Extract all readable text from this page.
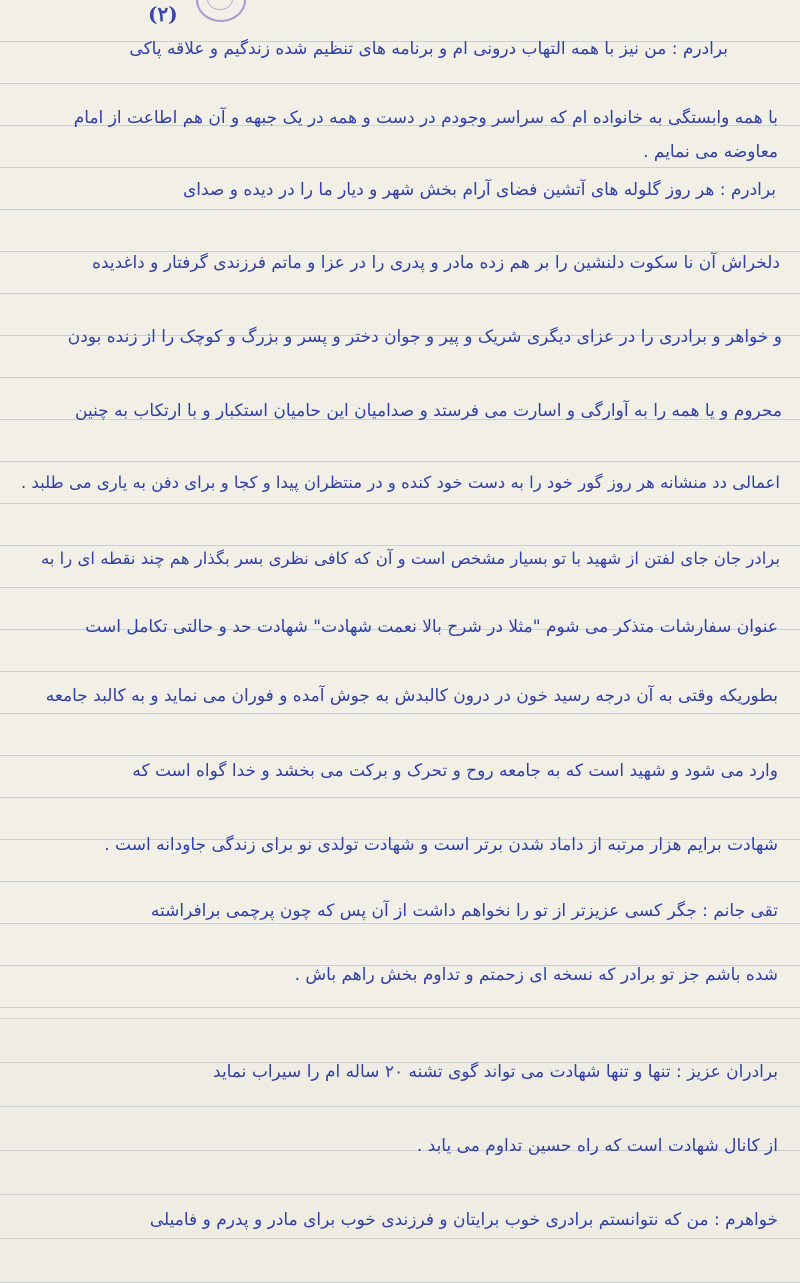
(۲)

برادرم : من نیز با همه التهاب درونی ام و برنامه های تنظیم شده زندگیم و علاقه پاکی

با همه وابستگی به خانواده ام که سراسر وجودم در دست و همه در یک جبهه و آن هم اطاعت از امام

معاوضه می نمایم .

برادرم : هر روز گلوله های آتشین فضای آرام بخش شهر و دیار ما را در دیده و صدای

دلخراش آن نا سکوت دلنشین را بر هم زده مادر و پدری را در عزا و ماتم فرزندی گرفتار و داغدیده

و خواهر و برادری را در عزای دیگری شریک و پیر و جوان دختر و پسر و بزرگ و کوچک را از زنده بودن

محروم و یا همه را به آوارگی و اسارت می فرستد و صدامیان این حامیان استکبار و با ارتکاب به چنین

اعمالی دد منشانه هر روز گور خود را به دست خود کنده و در منتظران پیدا و کجا و برای دفن به یاری می طلبد .

برادر جان جای لفتن از شهید با تو بسیار مشخص است و آن که کافی نظری بسر بگذار هم چند نقطه ای را به

عنوان سفارشات متذکر می شوم "مثلا در شرح بالا نعمت شهادت" شهادت حد و حالتی تکامل است

بطوریکه وقتی به آن درجه رسید خون در درون کالبدش به جوش آمده و فوران می نماید و به کالبد جامعه

وارد می شود و شهید است که به جامعه روح و تحرک و برکت می بخشد و خدا گواه است که

شهادت برایم هزار مرتبه از داماد شدن برتر است و شهادت تولدی نو برای زندگی جاودانه است .

تقی جانم : جگر کسی عزیزتر از تو را نخواهم داشت از آن پس که چون پرچمی برافراشته

شده باشم جز تو برادر که نسخه ای زحمتم و تداوم بخش راهم باش .

برادران عزیز : تنها و تنها شهادت می تواند گوی تشنه ۲۰ ساله ام را سیراب نماید

از کانال شهادت است که راه حسین تداوم می یابد .

خواهرم : من که نتوانستم برادری خوب برایتان و فرزندی خوب برای مادر و پدرم و فامیلی
